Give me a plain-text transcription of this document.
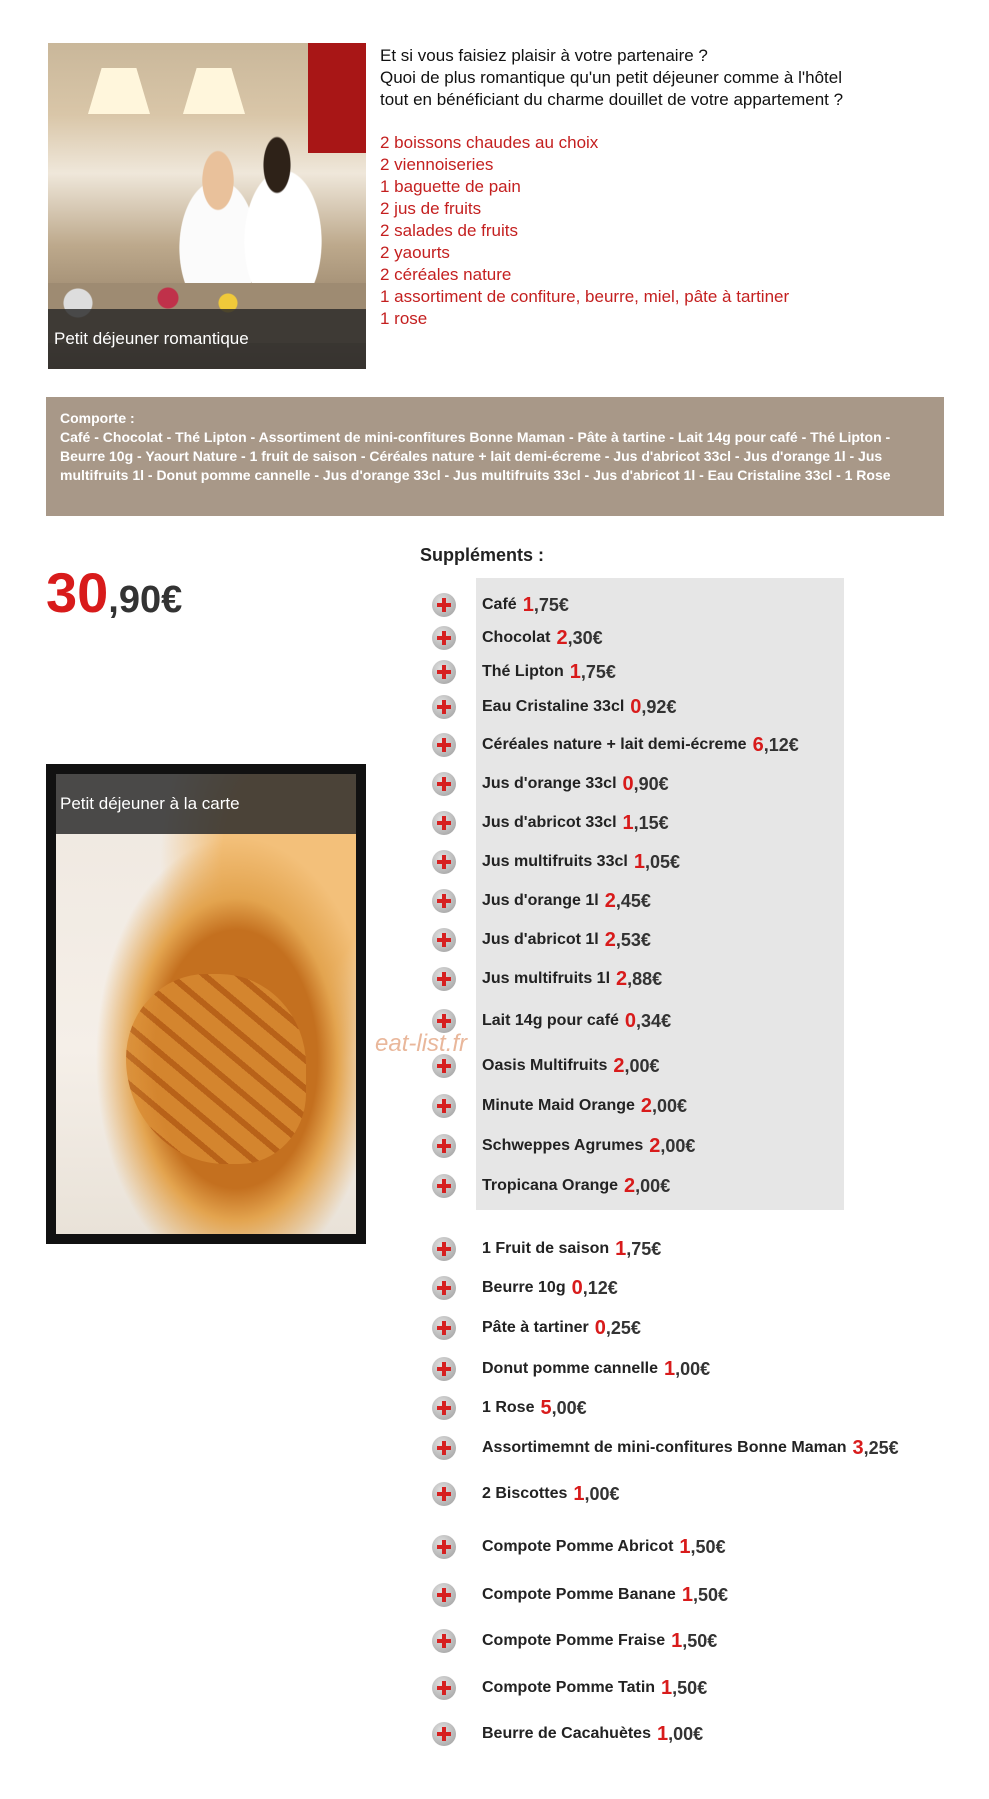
Petit déjeuner romantique
Et si vous faisiez plaisir à votre partenaire ?
Quoi de plus romantique qu'un petit déjeuner comme à l'hôtel
tout en bénéficiant du charme douillet de votre appartement ?
2 boissons chaudes au choix
2 viennoiseries
1 baguette de pain
2 jus de fruits
2 salades de fruits
2 yaourts
2 céréales nature
1 assortiment de confiture, beurre, miel, pâte à tartiner
1 rose
Comporte :
Café - Chocolat - Thé Lipton - Assortiment de mini-confitures Bonne Maman - Pâte à tartine - Lait 14g pour café - Thé Lipton - Beurre 10g - Yaourt Nature - 1 fruit de saison - Céréales nature + lait demi-écreme - Jus d'abricot 33cl - Jus d'orange 1l - Jus multifruits 1l - Donut pomme cannelle - Jus d'orange 33cl - Jus multifruits 33cl - Jus d'abricot 1l - Eau Cristaline 33cl - 1 Rose
30,90€
Petit déjeuner à la carte
Suppléments :
Café 1 ,75€
Chocolat 2 ,30€
Thé Lipton 1 ,75€
Eau Cristaline 33cl 0 ,92€
Céréales nature + lait demi-écreme 6 ,12€
Jus d'orange 33cl 0 ,90€
Jus d'abricot 33cl 1 ,15€
Jus multifruits 33cl 1 ,05€
Jus d'orange 1l 2 ,45€
Jus d'abricot 1l 2 ,53€
Jus multifruits 1l 2 ,88€
Lait 14g pour café 0 ,34€
Oasis Multifruits 2 ,00€
Minute Maid Orange 2 ,00€
Schweppes Agrumes 2 ,00€
Tropicana Orange 2 ,00€
1 Fruit de saison 1 ,75€
Beurre 10g 0 ,12€
Pâte à tartiner 0 ,25€
Donut pomme cannelle 1 ,00€
1 Rose 5 ,00€
Assortimemnt de mini-confitures Bonne Maman 3 ,25€
2 Biscottes 1 ,00€
Compote Pomme Abricot 1 ,50€
Compote Pomme Banane 1 ,50€
Compote Pomme Fraise 1 ,50€
Compote Pomme Tatin 1 ,50€
Beurre de Cacahuètes 1 ,00€
eat-list.fr
